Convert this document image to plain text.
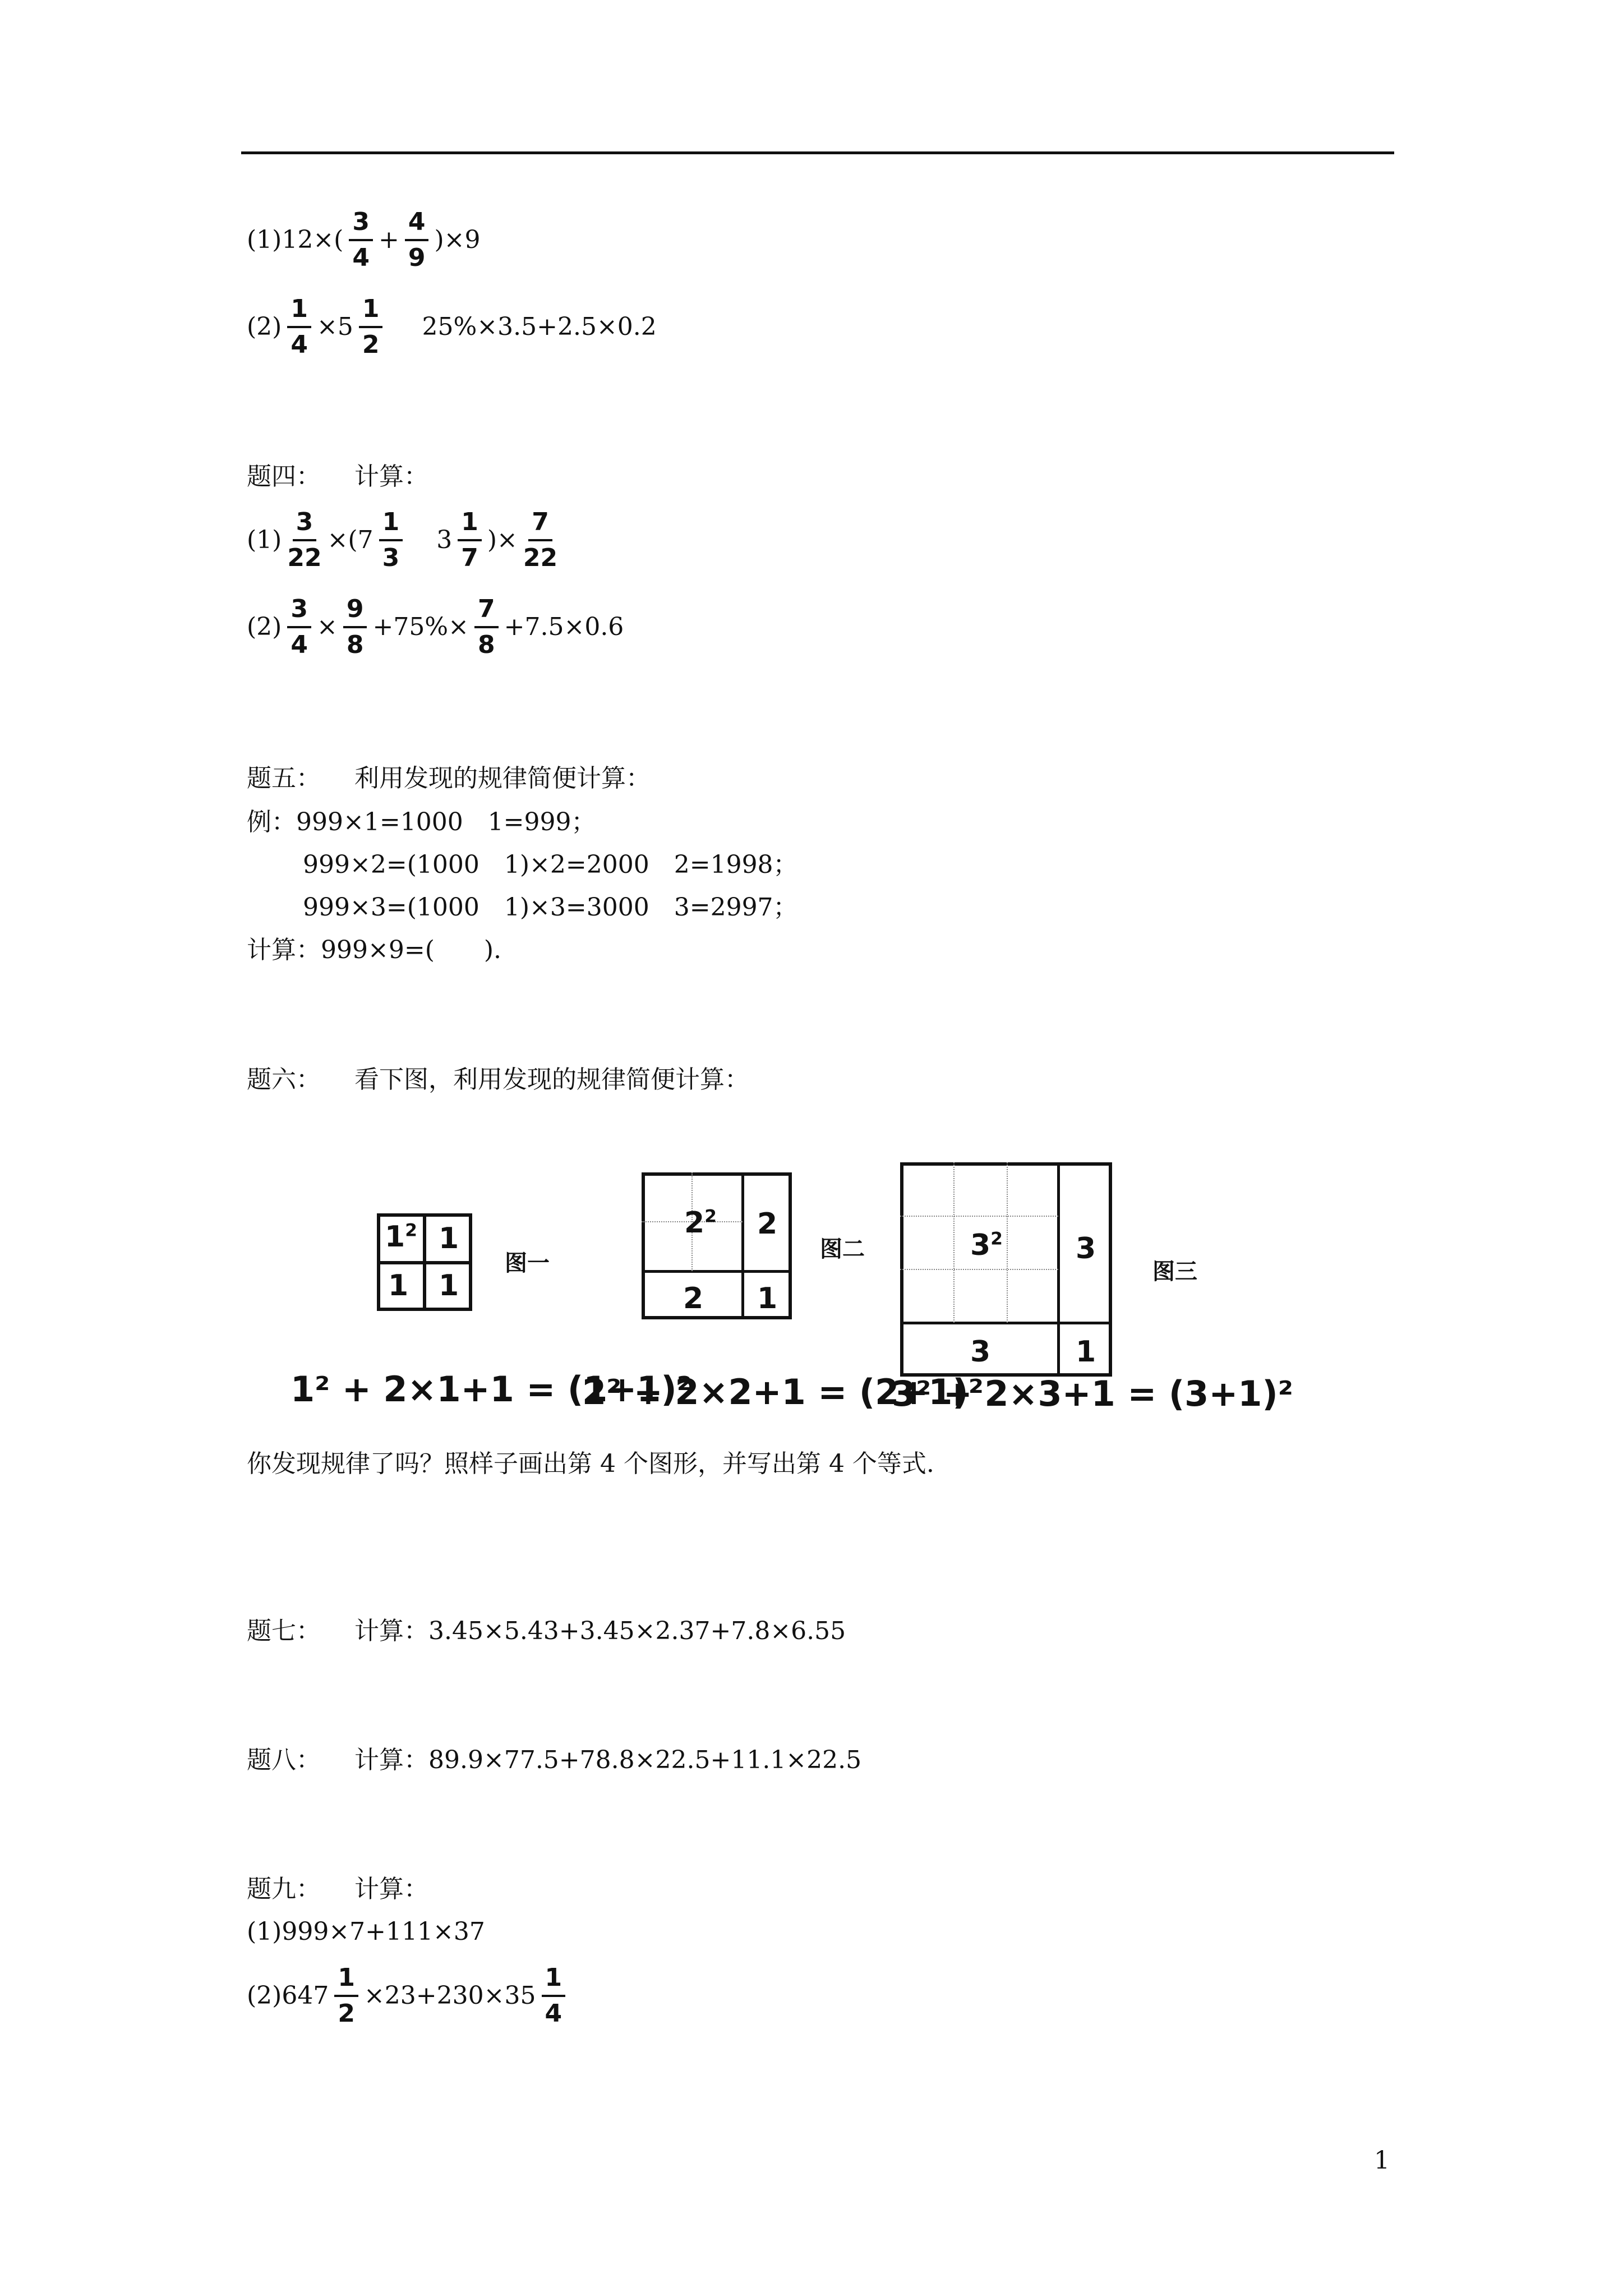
$(1)12\times( \frac{3}{4} + \frac{4}{9} )\times 9$
$(2) \frac{1}{4} \times 5 \frac{1}{2} 25\%\times 3.5+2.5\times 0.2$
题四： 计算：
$(1) \frac{3}{22} \times(7 \frac{1}{3} 3 \frac{1}{7}$ )× $\frac{7}{22}$
$(2) \frac{3}{4} \times \frac{9}{8} +75\%\times \frac{7}{8} +7.5\times 0.6$
题五： 利用发现的规律简便计算：
例：999×1=1000　1=999；
999×2=(1000　1)×2=2000　2=1998；
999×3=(1000　1)×3=3000　3=2997；
计算：999×9=(　　).
题六： 看下图，利用发现的规律简便计算：
$1^2$ 1
1 1
图一
$2^2$ 2
2 1
图二	$3^2$	3
3	1
图三
1² + 2×1+1 = (1+1)²
2² + 2×2+1 = (2+1)²
3² + 2×3+1 = (3+1)²
你发现规律了吗？照样子画出第 4 个图形，并写出第 4 个等式.
题七： 计算：3.45×5.43+3.45×2.37+7.8×6.55
题八： 计算：89.9×77.5+78.8×22.5+11.1×22.5
题九： 计算：
(1)999×7+111×37
$(2)647 \frac{1}{2} \times 23+230\times 35 \frac{1}{4}$
1
